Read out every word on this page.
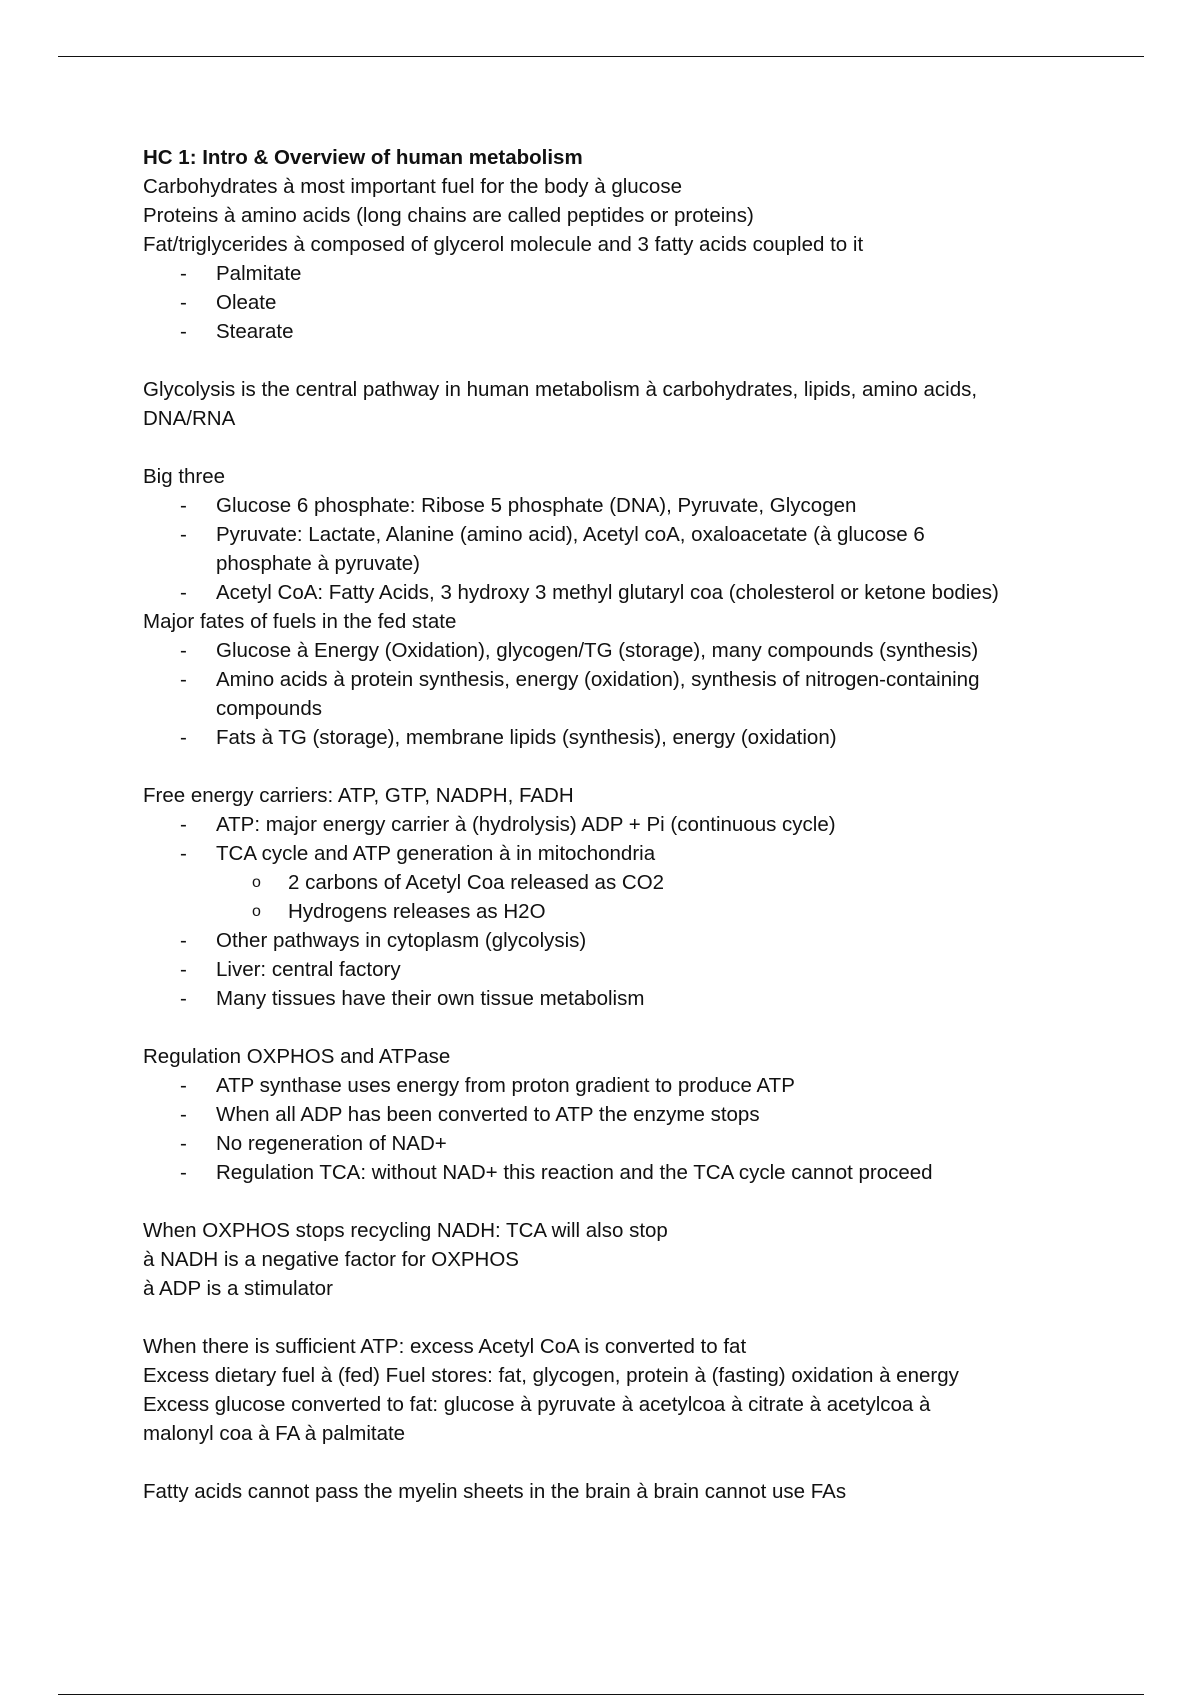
HC 1: Intro & Overview of human metabolism
Carbohydrates à most important fuel for the body à glucose
Proteins à amino acids (long chains are called peptides or proteins)
Fat/triglycerides à composed of glycerol molecule and 3 fatty acids coupled to it
- Palmitate
- Oleate
- Stearate
Glycolysis is the central pathway in human metabolism à carbohydrates, lipids, amino acids,
DNA/RNA
Big three
- Glucose 6 phosphate: Ribose 5 phosphate (DNA), Pyruvate, Glycogen
- Pyruvate: Lactate, Alanine (amino acid), Acetyl coA, oxaloacetate (à glucose 6
phosphate à pyruvate)
- Acetyl CoA: Fatty Acids, 3 hydroxy 3 methyl glutaryl coa (cholesterol or ketone bodies)
Major fates of fuels in the fed state
- Glucose à Energy (Oxidation), glycogen/TG (storage), many compounds (synthesis)
- Amino acids à protein synthesis, energy (oxidation), synthesis of nitrogen-containing
compounds
- Fats à TG (storage), membrane lipids (synthesis), energy (oxidation)
Free energy carriers: ATP, GTP, NADPH, FADH
- ATP: major energy carrier à (hydrolysis) ADP + Pi (continuous cycle)
- TCA cycle and ATP generation à in mitochondria
o 2 carbons of Acetyl Coa released as CO2
o Hydrogens releases as H2O
- Other pathways in cytoplasm (glycolysis)
- Liver: central factory
- Many tissues have their own tissue metabolism
Regulation OXPHOS and ATPase
- ATP synthase uses energy from proton gradient to produce ATP
- When all ADP has been converted to ATP the enzyme stops
- No regeneration of NAD+
- Regulation TCA: without NAD+ this reaction and the TCA cycle cannot proceed
When OXPHOS stops recycling NADH: TCA will also stop
à NADH is a negative factor for OXPHOS
à ADP is a stimulator
When there is sufficient ATP: excess Acetyl CoA is converted to fat
Excess dietary fuel à (fed) Fuel stores: fat, glycogen, protein à (fasting) oxidation à energy
Excess glucose converted to fat: glucose à pyruvate à acetylcoa à citrate à acetylcoa à
malonyl coa à FA à palmitate
Fatty acids cannot pass the myelin sheets in the brain à brain cannot use FAs
